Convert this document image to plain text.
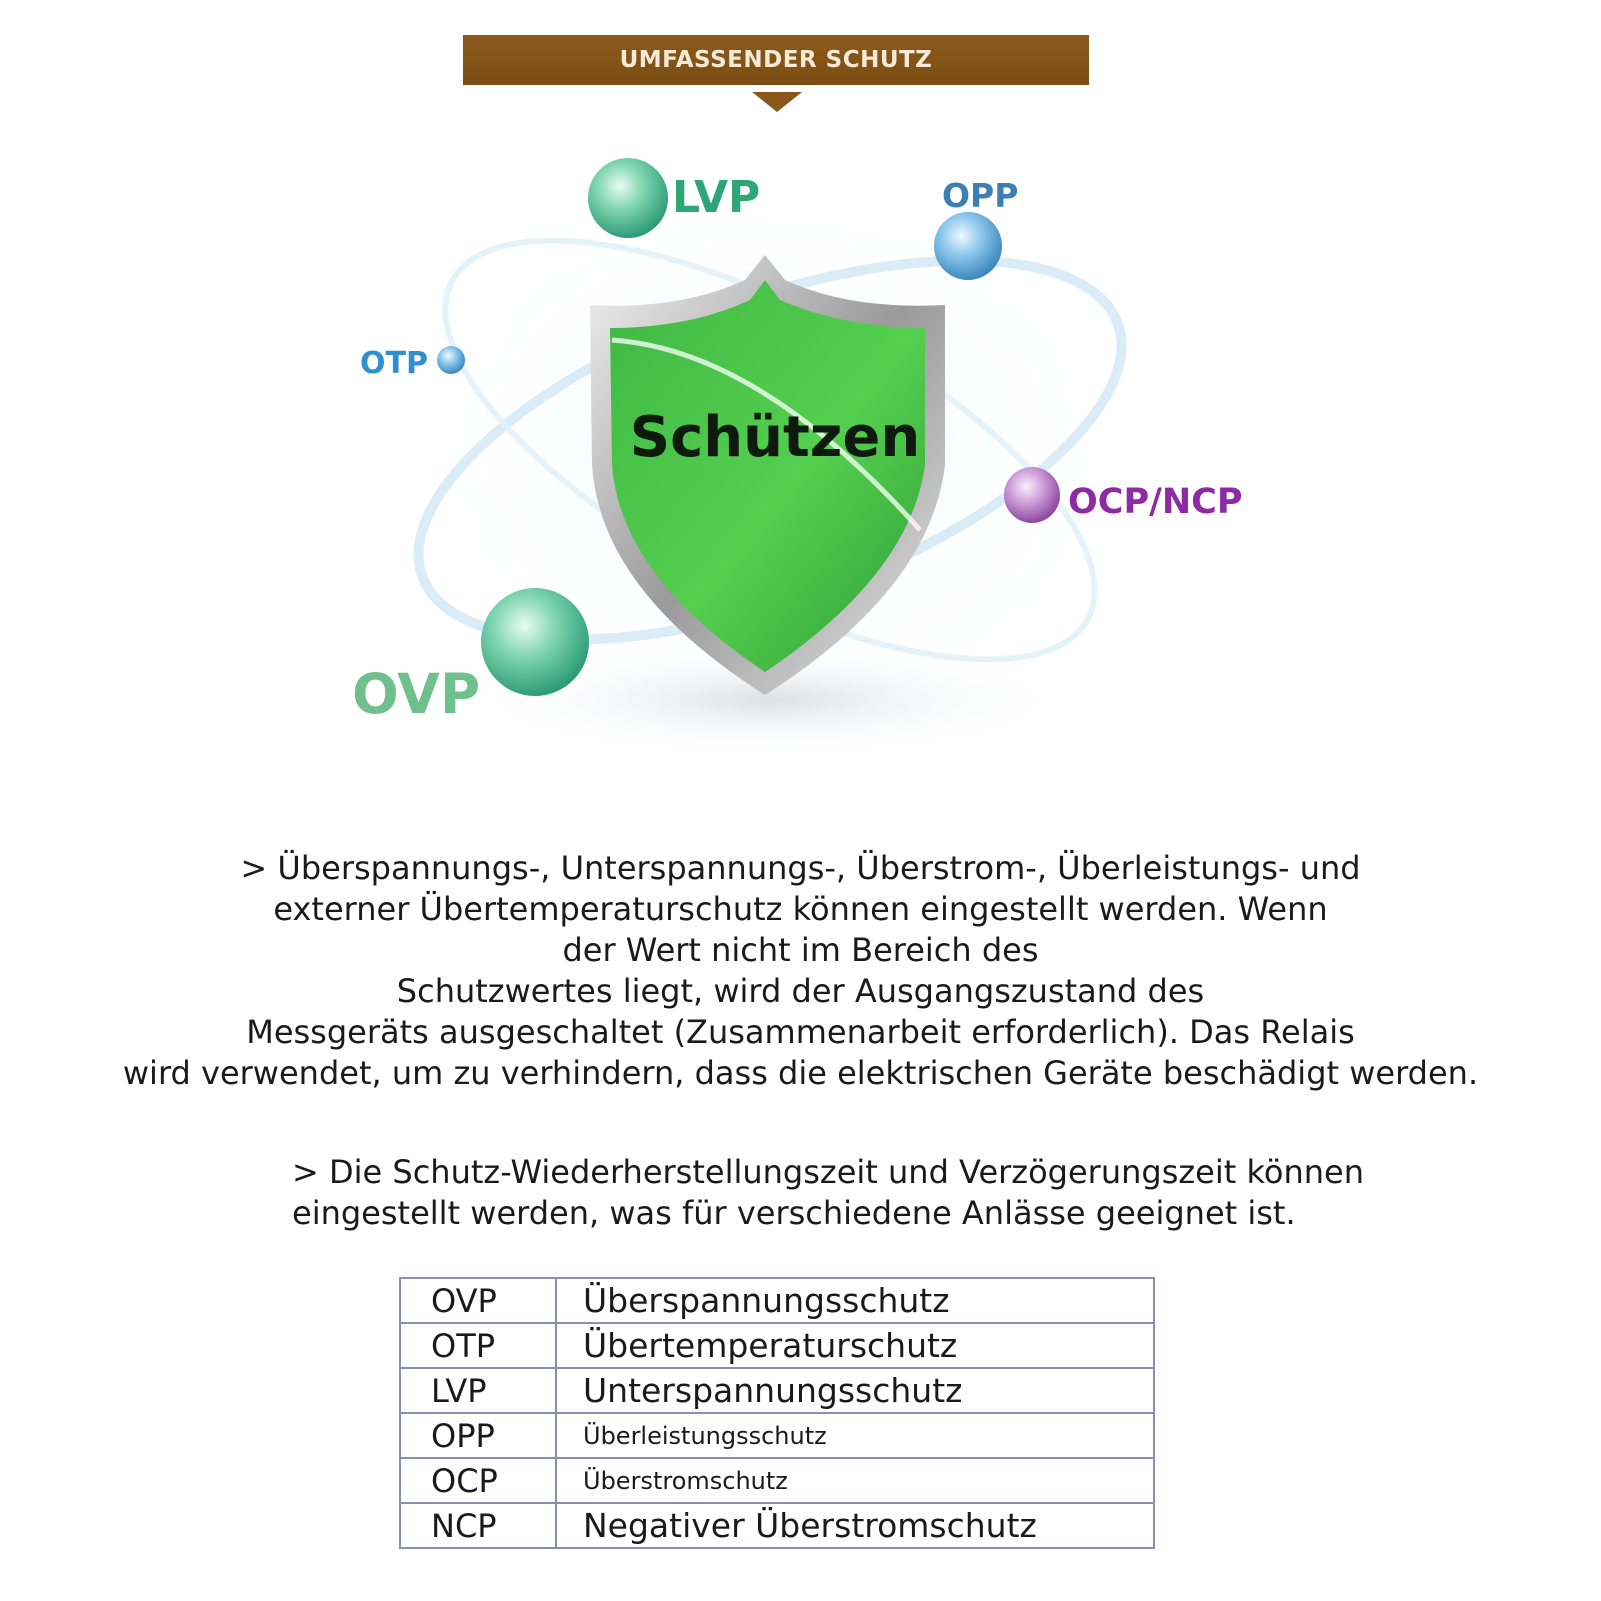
UMFASSENDER SCHUTZ
Schützen
LVP	OPP
OTP
OCP/NCP
OVP
> Überspannungs-, Unterspannungs-, Überstrom-, Überleistungs- und
externer Übertemperaturschutz können eingestellt werden. Wenn
der Wert nicht im Bereich des
Schutzwertes liegt, wird der Ausgangszustand des
Messgeräts ausgeschaltet (Zusammenarbeit erforderlich). Das Relais
wird verwendet, um zu verhindern, dass die elektrischen Geräte beschädigt werden.
> Die Schutz-Wiederherstellungszeit und Verzögerungszeit können
eingestellt werden, was für verschiedene Anlässe geeignet ist.
OVP	Überspannungsschutz
OTP	Übertemperaturschutz
LVP	Unterspannungsschutz
OPP	Überleistungsschutz
OCP	Überstromschutz
NCP	Negativer Überstromschutz
